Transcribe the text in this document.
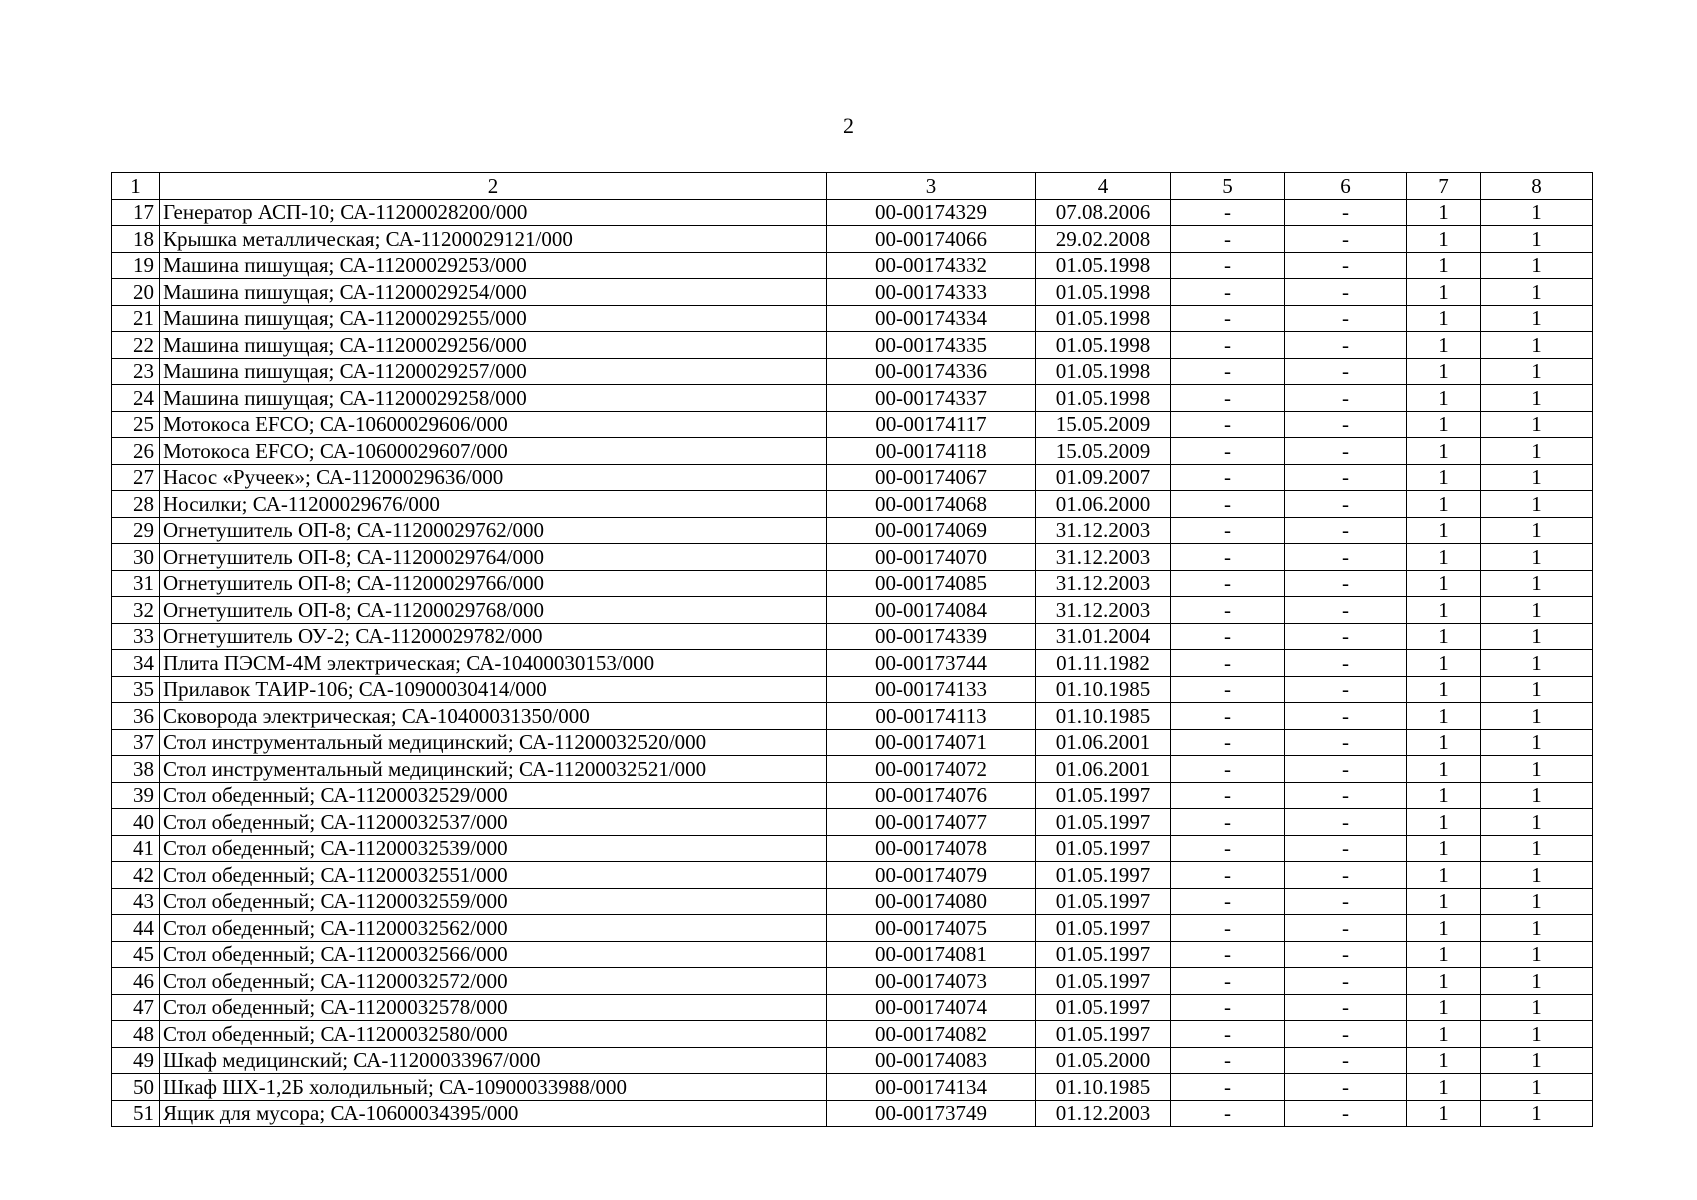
2
1	2	3	4	5	6	7	8
17	Генератор АСП-10; СА-11200028200/000	00-00174329	07.08.2006	-	-	1	1
18	Крышка металлическая; СА-11200029121/000	00-00174066	29.02.2008	-	-	1	1
19	Машина пишущая; СА-11200029253/000	00-00174332	01.05.1998	-	-	1	1
20	Машина пишущая; СА-11200029254/000	00-00174333	01.05.1998	-	-	1	1
21	Машина пишущая; СА-11200029255/000	00-00174334	01.05.1998	-	-	1	1
22	Машина пишущая; СА-11200029256/000	00-00174335	01.05.1998	-	-	1	1
23	Машина пишущая; СА-11200029257/000	00-00174336	01.05.1998	-	-	1	1
24	Машина пишущая; СА-11200029258/000	00-00174337	01.05.1998	-	-	1	1
25	Мотокоса EFCO; СА-10600029606/000	00-00174117	15.05.2009	-	-	1	1
26	Мотокоса EFCO; СА-10600029607/000	00-00174118	15.05.2009	-	-	1	1
27	Насос «Ручеек»; СА-11200029636/000	00-00174067	01.09.2007	-	-	1	1
28	Носилки; СА-11200029676/000	00-00174068	01.06.2000	-	-	1	1
29	Огнетушитель ОП-8; СА-11200029762/000	00-00174069	31.12.2003	-	-	1	1
30	Огнетушитель ОП-8; СА-11200029764/000	00-00174070	31.12.2003	-	-	1	1
31	Огнетушитель ОП-8; СА-11200029766/000	00-00174085	31.12.2003	-	-	1	1
32	Огнетушитель ОП-8; СА-11200029768/000	00-00174084	31.12.2003	-	-	1	1
33	Огнетушитель ОУ-2; СА-11200029782/000	00-00174339	31.01.2004	-	-	1	1
34	Плита ПЭСМ-4М электрическая; СА-10400030153/000	00-00173744	01.11.1982	-	-	1	1
35	Прилавок ТАИР-106; СА-10900030414/000	00-00174133	01.10.1985	-	-	1	1
36	Сковорода электрическая; СА-10400031350/000	00-00174113	01.10.1985	-	-	1	1
37	Стол инструментальный медицинский; СА-11200032520/000	00-00174071	01.06.2001	-	-	1	1
38	Стол инструментальный медицинский; СА-11200032521/000	00-00174072	01.06.2001	-	-	1	1
39	Стол обеденный; СА-11200032529/000	00-00174076	01.05.1997	-	-	1	1
40	Стол обеденный; СА-11200032537/000	00-00174077	01.05.1997	-	-	1	1
41	Стол обеденный; СА-11200032539/000	00-00174078	01.05.1997	-	-	1	1
42	Стол обеденный; СА-11200032551/000	00-00174079	01.05.1997	-	-	1	1
43	Стол обеденный; СА-11200032559/000	00-00174080	01.05.1997	-	-	1	1
44	Стол обеденный; СА-11200032562/000	00-00174075	01.05.1997	-	-	1	1
45	Стол обеденный; СА-11200032566/000	00-00174081	01.05.1997	-	-	1	1
46	Стол обеденный; СА-11200032572/000	00-00174073	01.05.1997	-	-	1	1
47	Стол обеденный; СА-11200032578/000	00-00174074	01.05.1997	-	-	1	1
48	Стол обеденный; СА-11200032580/000	00-00174082	01.05.1997	-	-	1	1
49	Шкаф медицинский; СА-11200033967/000	00-00174083	01.05.2000	-	-	1	1
50	Шкаф ШХ-1,2Б холодильный; СА-10900033988/000	00-00174134	01.10.1985	-	-	1	1
51	Ящик для мусора; СА-10600034395/000	00-00173749	01.12.2003	-	-	1	1
